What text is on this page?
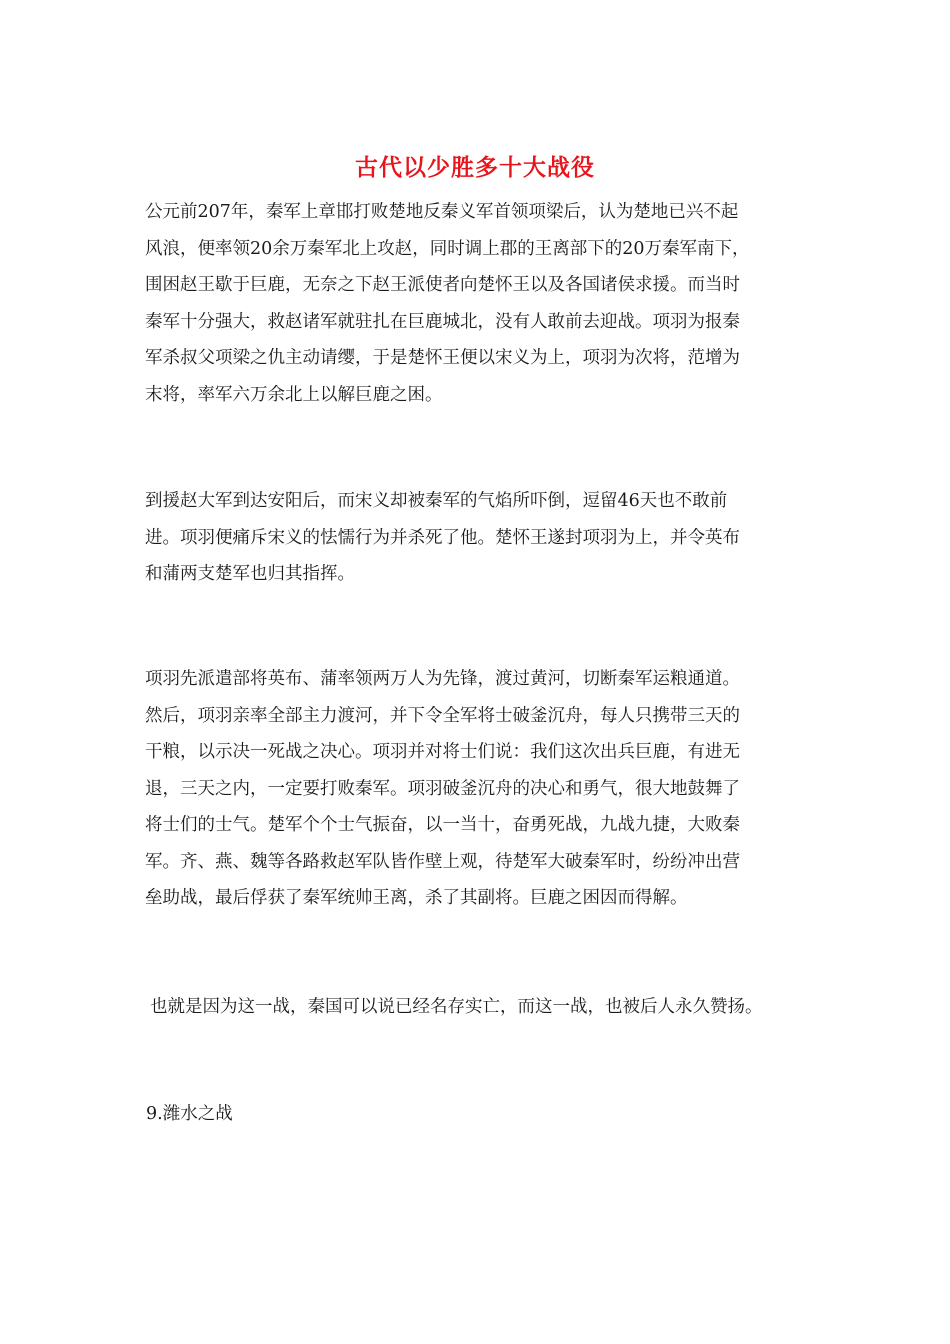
古代以少胜多十大战役
公元前207年，秦军上章邯打败楚地反秦义军首领项梁后，认为楚地已兴不起
风浪，便率领20余万秦军北上攻赵，同时调上郡的王离部下的20万秦军南下，
围困赵王歇于巨鹿，无奈之下赵王派使者向楚怀王以及各国诸侯求援。而当时
秦军十分强大，救赵诸军就驻扎在巨鹿城北，没有人敢前去迎战。项羽为报秦
军杀叔父项梁之仇主动请缨，于是楚怀王便以宋义为上，项羽为次将，范增为
末将，率军六万余北上以解巨鹿之困。
到援赵大军到达安阳后，而宋义却被秦军的气焰所吓倒，逗留46天也不敢前
进。项羽便痛斥宋义的怯懦行为并杀死了他。楚怀王遂封项羽为上，并令英布
和蒲两支楚军也归其指挥。
项羽先派遣部将英布、蒲率领两万人为先锋，渡过黄河，切断秦军运粮通道。
然后，项羽亲率全部主力渡河，并下令全军将士破釜沉舟，每人只携带三天的
干粮，以示决一死战之决心。项羽并对将士们说：我们这次出兵巨鹿，有进无
退，三天之内，一定要打败秦军。项羽破釜沉舟的决心和勇气，很大地鼓舞了
将士们的士气。楚军个个士气振奋，以一当十，奋勇死战，九战九捷，大败秦
军。齐、燕、魏等各路救赵军队皆作壁上观，待楚军大破秦军时，纷纷冲出营
垒助战，最后俘获了秦军统帅王离，杀了其副将。巨鹿之困因而得解。
也就是因为这一战，秦国可以说已经名存实亡，而这一战，也被后人永久赞扬。
9.潍水之战
